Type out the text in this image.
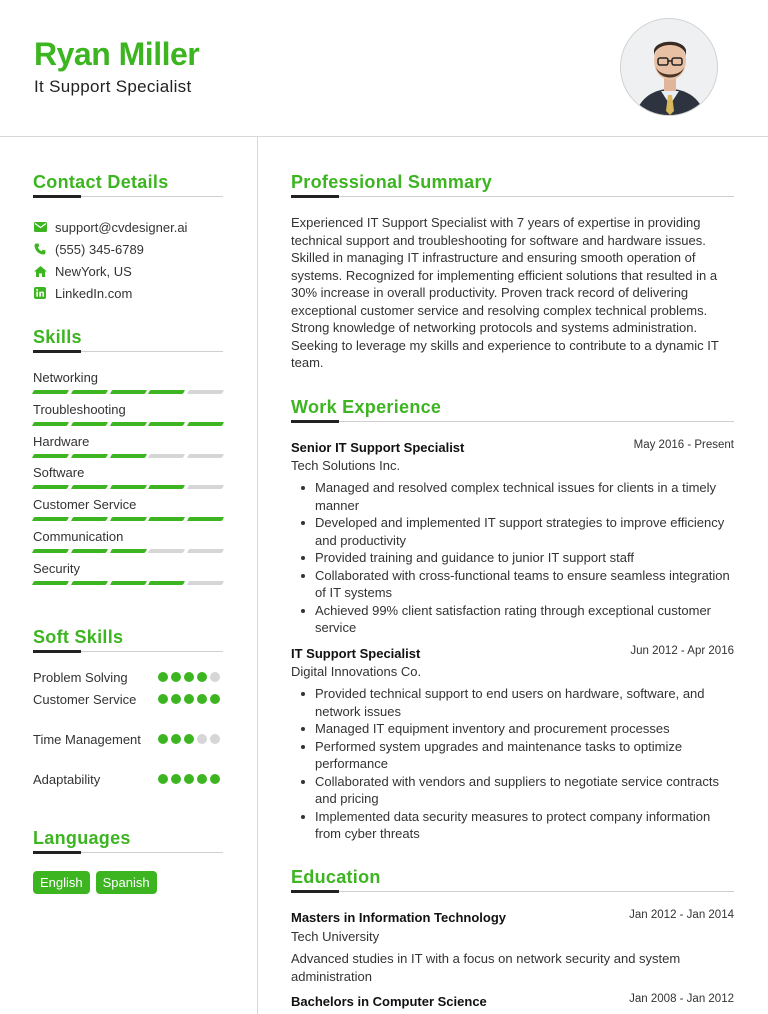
Ryan Miller
It Support Specialist
Contact Details
support@cvdesigner.ai
(555) 345-6789
NewYork, US
LinkedIn.com
Skills
Networking
Troubleshooting
Hardware
Software
Customer Service
Communication
Security
Soft Skills
Problem Solving
Customer Service
Time Management
Adaptability
Languages
English	Spanish
Professional Summary
Experienced IT Support Specialist with 7 years of expertise in providing technical support and troubleshooting for software and hardware issues. Skilled in managing IT infrastructure and ensuring smooth operation of systems. Recognized for implementing efficient solutions that resulted in a 30% increase in overall productivity. Proven track record of delivering exceptional customer service and resolving complex technical problems. Strong knowledge of networking protocols and systems administration. Seeking to leverage my skills and experience to contribute to a dynamic IT team.
Work Experience
Senior IT Support Specialist	May 2016 - Present
Tech Solutions Inc.
Managed and resolved complex technical issues for clients in a timely manner
Developed and implemented IT support strategies to improve efficiency and productivity
Provided training and guidance to junior IT support staff
Collaborated with cross-functional teams to ensure seamless integration of IT systems
Achieved 99% client satisfaction rating through exceptional customer service
IT Support Specialist	Jun 2012 - Apr 2016
Digital Innovations Co.
Provided technical support to end users on hardware, software, and network issues
Managed IT equipment inventory and procurement processes
Performed system upgrades and maintenance tasks to optimize performance
Collaborated with vendors and suppliers to negotiate service contracts and pricing
Implemented data security measures to protect company information from cyber threats
Education
Masters in Information Technology	Jan 2012 - Jan 2014
Tech University
Advanced studies in IT with a focus on network security and system administration
Bachelors in Computer Science	Jan 2008 - Jan 2012
